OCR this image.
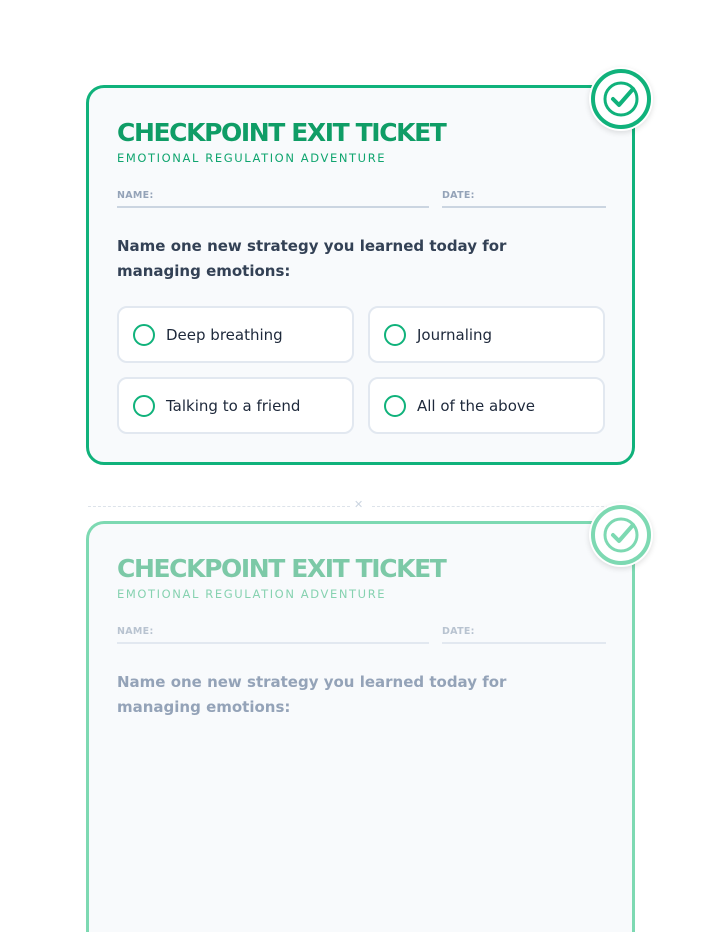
CHECKPOINT EXIT TICKET
EMOTIONAL REGULATION ADVENTURE
NAME:	DATE:
Name one new strategy you learned today for managing emotions:
Deep breathing	Journaling
Talking to a friend	All of the above
✕
CHECKPOINT EXIT TICKET
EMOTIONAL REGULATION ADVENTURE
NAME:	DATE:
Name one new strategy you learned today for managing emotions:
